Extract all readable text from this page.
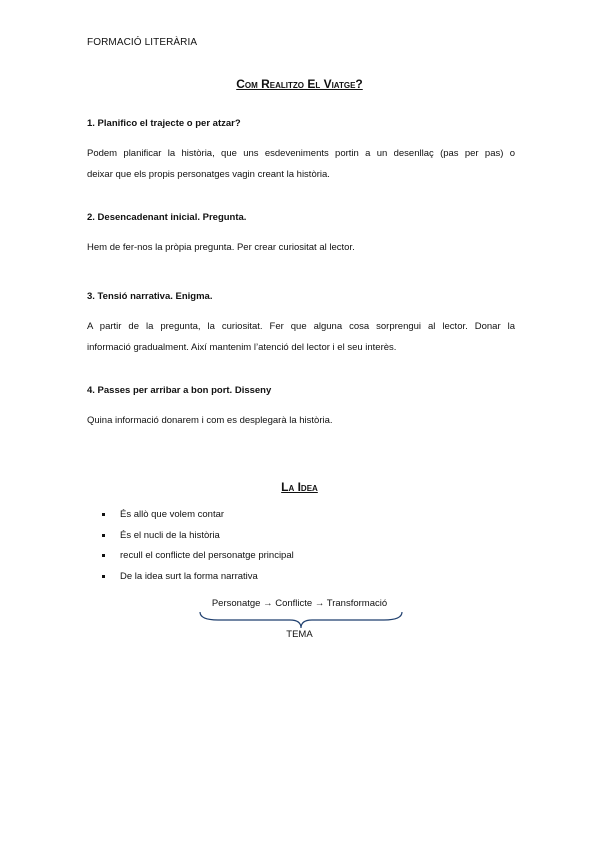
FORMACIÓ LITERÀRIA
Com Realitzo El Viatge?
1. Planifico el trajecte o per atzar?
Podem planificar la història, que uns esdeveniments portin a un desenllaç (pas per pas) o
deixar que els propis personatges vagin creant la història.
2. Desencadenant inicial. Pregunta.
Hem de fer-nos la pròpia pregunta. Per crear curiositat al lector.
3. Tensió narrativa. Enigma.
A partir de la pregunta, la curiositat. Fer que alguna cosa sorprengui al lector. Donar la
informació gradualment. Així mantenim l’atenció del lector i el seu interès.
4. Passes per arribar a bon port. Disseny
Quina informació donarem i com es desplegarà la història.
La Idea
És allò que volem contar
És el nucli de la història
recull el conflicte del personatge principal
De la idea surt la forma narrativa
Personatge → Conflicte → Transformació
TEMA
